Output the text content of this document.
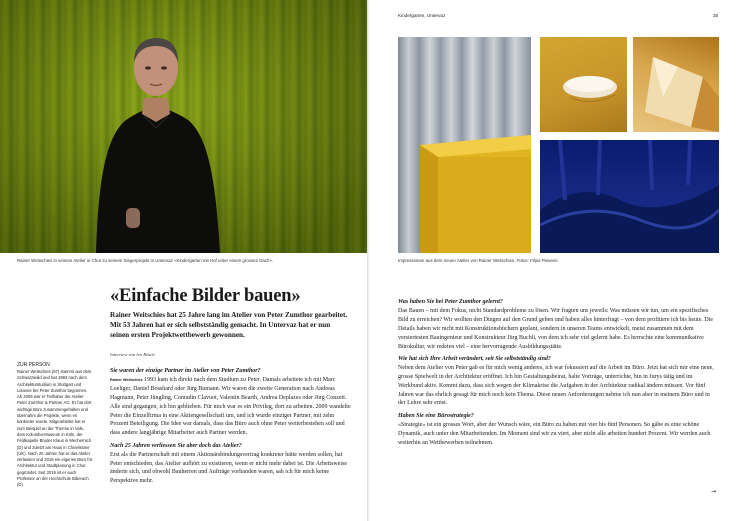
Rainer Weitschies in seinem Atelier in Chur zu seinem Siegerprojekt in Untervaz «Kindergarten mit Hof unter einem grossen Dach».
«Einfache Bilder bauen»
Rainer Weitschies hat 25 Jahre lang im Atelier von Peter Zumthor gearbeitet. Mit 53 Jahren hat er sich selbstständig gemacht. In Untervaz hat er nun seinen ersten Projektwettbewerb gewonnen.
Interview von Ivo Bösch
ZUR PERSON
Rainer Weitschies (57) stammt aus dem Schwarzwald und hat 1993 nach dem Architekturstudium in Stuttgart und Lisanne bei Peter Zumthor begonnen. Ab 2009 war er Teilhaber der Atelier Peter Zumthor & Partner AG. Er hat dort wichtige Büro zusammengehalten und übernahm die Projekte, wenn es konkreter wurde. Mitgearbeitet hat er zum Beispiel an der Therme in Vals, dem Kolumba-Museum in Köln, der Feldkapelle Bruder Klaus in Mechernich (D) und zuletzt am Haus in Chivelstone (UK). Nach 25 Jahren hat er das Atelier verlassen und 2018 ein eigenes Büro für Architektur und Stadtplanung in Chur gegründet. Seit 2019 ist er auch Professor an der Hochschule Biberach (D).
Sie waren der einzige Partner im Atelier von Peter Zumthor?
Rainer Weitschies 1993 kam ich direkt nach dem Studium zu Peter. Damals arbeitete ich mit Marc Loeliger, Daniel Bosshard oder Jürg Bumann. Wir waren die zweite Generation nach Andreas Hagmann, Peter Jüngling, Conradin Clavuot, Valentin Bearth, Andrea Deplazes oder Jürg Conzett. Alle sind gegangen, ich bin geblieben. Für mich war es ein Privileg, dort zu arbeiten. 2009 wandelte Peter die Einzelfirma in eine Aktiengesellschaft um, und ich wurde einziger Partner, mit zehn Prozent Beteiligung. Die Idee war damals, dass das Büro auch ohne Peter weiterbestehen soll und dass andere langjährige Mitarbeiter auch Partner werden.
Nach 25 Jahren verliessen Sie aber doch das Atelier?
Erst als die Partnerschaft mit einem Aktionärsbindungsvertrag konkreter hätte werden sollen, hat Peter entschieden, das Atelier aufhört zu existieren, wenn er nicht mehr dabei ist. Die Arbeitsweise änderte sich, und obwohl Bauherren und Aufträge vorhanden waren, sah ich für mich keine Perspektive mehr.
Kindergarten, Untervaz	35
Impressionen aus dem neuen Atelier von Rainer Weitschies. Fotos: Filipa Peixeiro
Was haben Sie bei Peter Zumthor gelernt?
Das Bauen – mit dem Fokus, nicht Standardprobleme zu lösen. Wir fragten uns jeweils: Was müssen wir tun, um ein spezifisches Bild zu erreichen? Wir wollten den Dingen auf den Grund gehen und haben alles hinterfragt – von dem profitiere ich bis heute. Die Details haben wir nicht mit Konstruktionsbüchern geplant, sondern in unseren Teams entwickelt, meist zusammen mit dem versiertesten Bauingenieur und Konstrukteur Jürg Buchli, von dem ich sehr viel gelernt habe. Es herrschte eine kommunikative Bürokultur, wir redeten viel – eine hervorragende Ausbildungsstätte.
Wie hat sich Ihre Arbeit verändert, seit Sie selbstständig sind?
Neben dem Atelier von Peter gab es für mich wenig anderes, ich war fokussiert auf die Arbeit im Büro. Jetzt hat sich mir eine neue, grosse Spielwelt in der Architektur eröffnet. Ich bin Gestaltungsbeirat, halte Vorträge, unterrichte, bin in Jurys tätig und im Werkbund aktiv. Kommt dazu, dass sich wegen der Klimakrise die Aufgaben in der Architektur radikal ändern müssen. Vor fünf Jahren war das ehrlich gesagt für mich noch kein Thema. Diese neuen Anforderungen nehme ich nun aber in meinem Büro und in der Lehre sehr ernst.
Haben Sie eine Bürostrategie?
«Strategie» ist ein grosses Wort, aber der Wunsch wäre, ein Büro zu haben mit vier bis fünf Personen. So gäbe es eine schöne Dynamik, auch unter den Mitarbeitenden. Im Moment sind wir zu viert, aber nicht alle arbeiten hundert Prozent. Wir werden auch weiterhin an Wettbewerben teilnehmen.
→
